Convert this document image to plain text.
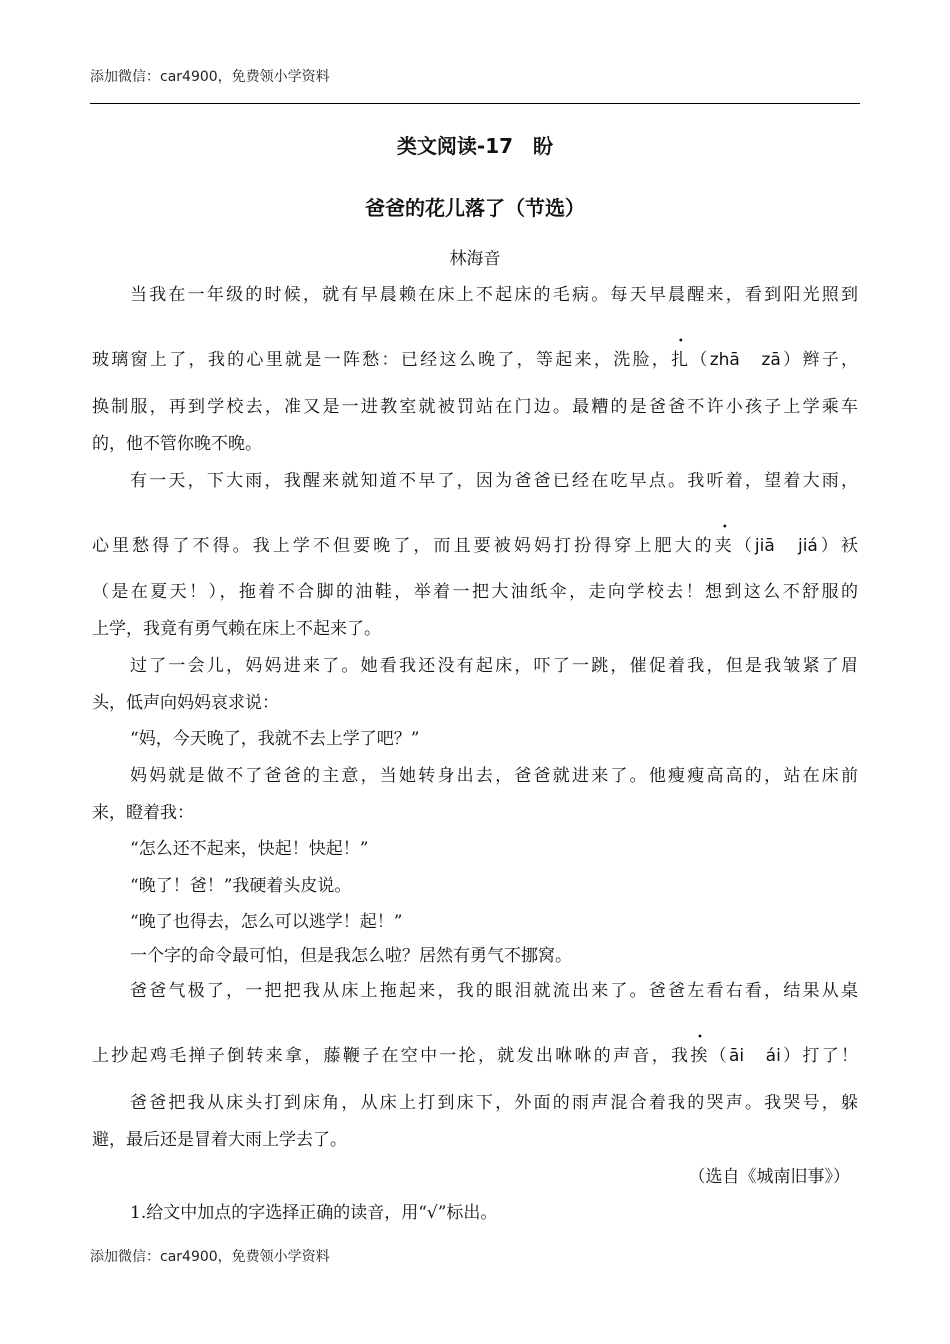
添加微信：car4900，免费领小学资料
类文阅读-17　盼
爸爸的花儿落了（节选）
林海音
当我在一年级的时候，就有早晨赖在床上不起床的毛病。每天早晨醒来，看到阳光照到
玻璃窗上了，我的心里就是一阵愁：已经这么晚了，等起来，洗脸，扎（zhā　zā）辫子，
换制服，再到学校去，准又是一进教室就被罚站在门边。最糟的是爸爸不许小孩子上学乘车
的，他不管你晚不晚。
有一天，下大雨，我醒来就知道不早了，因为爸爸已经在吃早点。我听着，望着大雨，
心里愁得了不得。我上学不但要晚了，而且要被妈妈打扮得穿上肥大的夹（jiā　jiá）袄
（是在夏天！），拖着不合脚的油鞋，举着一把大油纸伞，走向学校去！想到这么不舒服的
上学，我竟有勇气赖在床上不起来了。
过了一会儿，妈妈进来了。她看我还没有起床，吓了一跳，催促着我，但是我皱紧了眉
头，低声向妈妈哀求说：
“妈，今天晚了，我就不去上学了吧？”
妈妈就是做不了爸爸的主意，当她转身出去，爸爸就进来了。他瘦瘦高高的，站在床前
来，瞪着我：
“怎么还不起来，快起！快起！”
“晚了！爸！”我硬着头皮说。
“晚了也得去，怎么可以逃学！起！”
一个字的命令最可怕，但是我怎么啦？居然有勇气不挪窝。
爸爸气极了，一把把我从床上拖起来，我的眼泪就流出来了。爸爸左看右看，结果从桌
上抄起鸡毛掸子倒转来拿，藤鞭子在空中一抡，就发出咻咻的声音，我挨（āi　ái）打了！
爸爸把我从床头打到床角，从床上打到床下，外面的雨声混合着我的哭声。我哭号，躲
避，最后还是冒着大雨上学去了。
（选自《城南旧事》）
1.给文中加点的字选择正确的读音，用“√”标出。
添加微信：car4900，免费领小学资料
